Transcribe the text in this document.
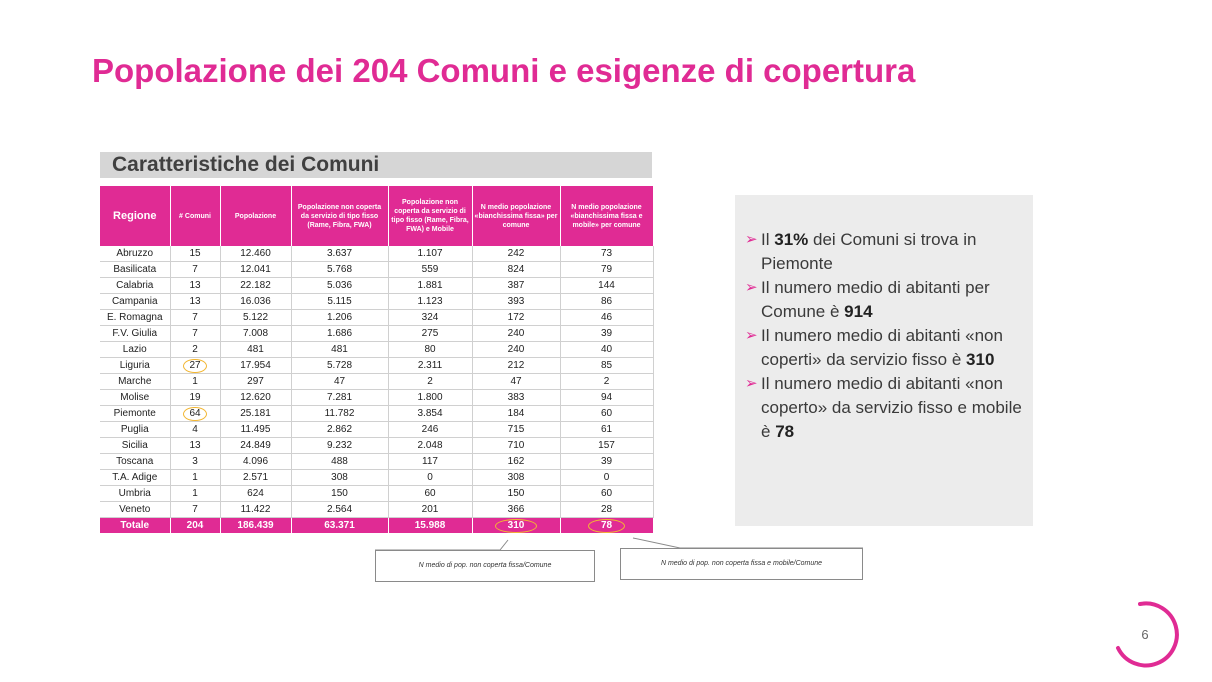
Popolazione dei 204 Comuni e esigenze di copertura
Caratteristiche dei Comuni
Regione	# Comuni	Popolazione	Popolazione non coperta da servizio di tipo fisso (Rame, Fibra, FWA)	Popolazione non coperta da servizio di tipo fisso (Rame, Fibra, FWA) e Mobile	N medio popolazione «bianchissima fissa» per comune	N medio popolazione «bianchissima fissa e mobile» per comune
Abruzzo	15	12.460	3.637	1.107	242	73
Basilicata	7	12.041	5.768	559	824	79
Calabria	13	22.182	5.036	1.881	387	144
Campania	13	16.036	5.115	1.123	393	86
E. Romagna	7	5.122	1.206	324	172	46
F.V. Giulia	7	7.008	1.686	275	240	39
Lazio	2	481	481	80	240	40
Liguria	27	17.954	5.728	2.311	212	85
Marche	1	297	47	2	47	2
Molise	19	12.620	7.281	1.800	383	94
Piemonte	64	25.181	11.782	3.854	184	60
Puglia	4	11.495	2.862	246	715	61
Sicilia	13	24.849	9.232	2.048	710	157
Toscana	3	4.096	488	117	162	39
T.A. Adige	1	2.571	308	0	308	0
Umbria	1	624	150	60	150	60
Veneto	7	11.422	2.564	201	366	28
Totale	204	186.439	63.371	15.988	310	78
N medio di pop. non coperta fissa/Comune	N medio di pop. non coperta fissa e mobile/Comune
➢ Il 31% dei Comuni si trova in Piemonte
➢ Il numero medio di abitanti per Comune è 914
➢ Il numero medio di abitanti «non coperti» da servizio fisso è 310
➢ Il numero medio di abitanti «non coperto» da servizio fisso e mobile è 78
6
